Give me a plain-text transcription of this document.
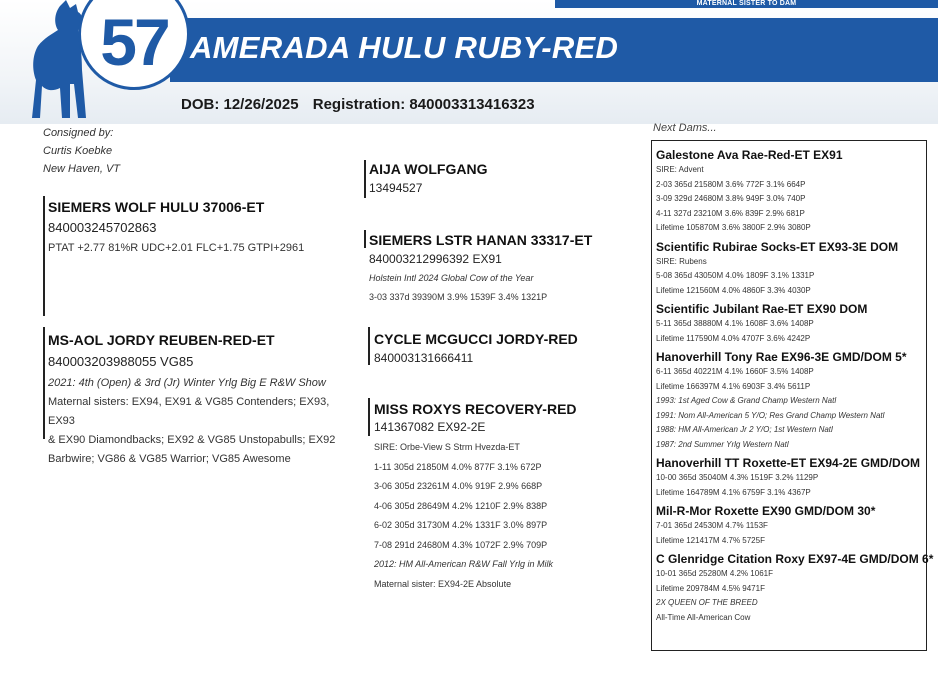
MATERNAL SISTER TO DAM
57 AMERADA HULU RUBY-RED
DOB: 12/26/2025 Registration: 840003313416323
Consigned by:
Curtis Koebke
New Haven, VT
SIEMERS WOLF HULU 37006-ET
840003245702863
PTAT +2.77 81%R UDC+2.01 FLC+1.75 GTPI+2961
MS-AOL JORDY REUBEN-RED-ET
840003203988055 VG85
2021: 4th (Open) & 3rd (Jr) Winter Yrlg Big E R&W Show
Maternal sisters: EX94, EX91 & VG85 Contenders; EX93, EX93
& EX90 Diamondbacks; EX92 & VG85 Unstopabulls; EX92
Barbwire; VG86 & VG85 Warrior; VG85 Awesome
AIJA WOLFGANG
13494527
SIEMERS LSTR HANAN 33317-ET
840003212996392 EX91
Holstein Intl 2024 Global Cow of the Year
3-03 337d 39390M 3.9% 1539F 3.4% 1321P
CYCLE MCGUCCI JORDY-RED
840003131666411
MISS ROXYS RECOVERY-RED
141367082 EX92-2E
SIRE: Orbe-View S Strm Hvezda-ET
1-11 305d 21850M 4.0% 877F 3.1% 672P
3-06 305d 23261M 4.0% 919F 2.9% 668P
4-06 305d 28649M 4.2% 1210F 2.9% 838P
6-02 305d 31730M 4.2% 1331F 3.0% 897P
7-08 291d 24680M 4.3% 1072F 2.9% 709P
2012: HM All-American R&W Fall Yrlg in Milk
Maternal sister: EX94-2E Absolute
Next Dams...
Galestone Ava Rae-Red-ET EX91
SIRE: Advent
2-03 365d 21580M 3.6% 772F 3.1% 664P
3-09 329d 24680M 3.8% 949F 3.0% 740P
4-11 327d 23210M 3.6% 839F 2.9% 681P
Lifetime 105870M 3.6% 3800F 2.9% 3080P
Scientific Rubirae Socks-ET EX93-3E DOM
SIRE: Rubens
5-08 365d 43050M 4.0% 1809F 3.1% 1331P
Lifetime 121560M 4.0% 4860F 3.3% 4030P
Scientific Jubilant Rae-ET EX90 DOM
5-11 365d 38880M 4.1% 1608F 3.6% 1408P
Lifetime 117590M 4.0% 4707F 3.6% 4242P
Hanoverhill Tony Rae EX96-3E GMD/DOM 5*
6-11 365d 40221M 4.1% 1660F 3.5% 1408P
Lifetime 166397M 4.1% 6903F 3.4% 5611P
1993: 1st Aged Cow & Grand Champ Western Natl
1991: Nom All-American 5 Y/O; Res Grand Champ Western Natl
1988: HM All-American Jr 2 Y/O; 1st Western Natl
1987: 2nd Summer Yrlg Western Natl
Hanoverhill TT Roxette-ET EX94-2E GMD/DOM
10-00 365d 35040M 4.3% 1519F 3.2% 1129P
Lifetime 164789M 4.1% 6759F 3.1% 4367P
Mil-R-Mor Roxette EX90 GMD/DOM 30*
7-01 365d 24530M 4.7% 1153F
Lifetime 121417M 4.7% 5725F
C Glenridge Citation Roxy EX97-4E GMD/DOM 6*
10-01 365d 25280M 4.2% 1061F
Lifetime 209784M 4.5% 9471F
2X QUEEN OF THE BREED
All-Time All-American Cow
